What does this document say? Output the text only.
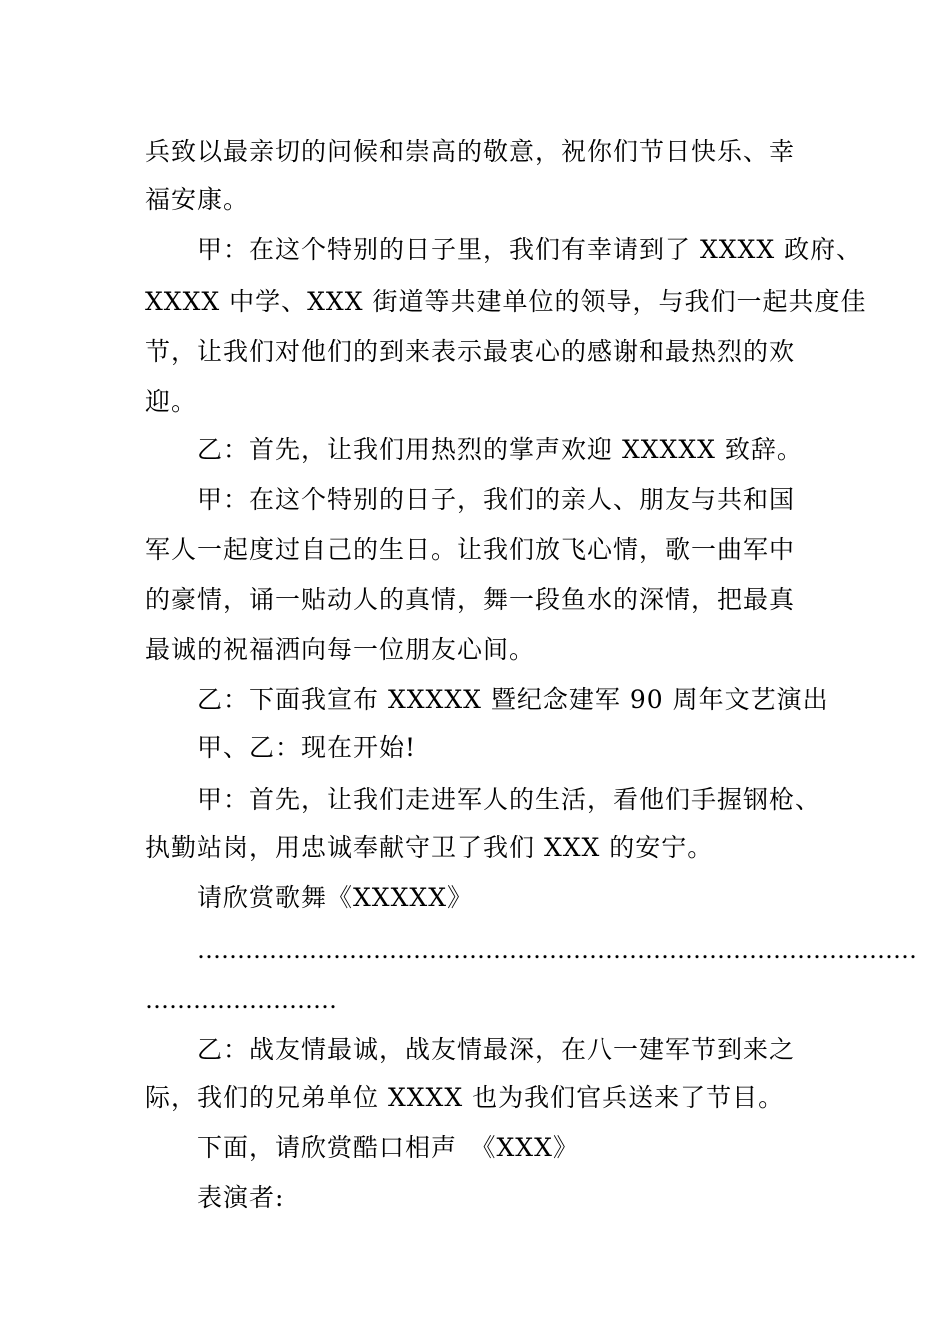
兵致以最亲切的问候和崇高的敬意，祝你们节日快乐、幸
福安康。
甲：在这个特别的日子里，我们有幸请到了 XXXX 政府、
XXXX 中学、XXX 街道等共建单位的领导，与我们一起共度佳
节，让我们对他们的到来表示最衷心的感谢和最热烈的欢
迎。
乙：首先，让我们用热烈的掌声欢迎 XXXXX 致辞。
甲：在这个特别的日子，我们的亲人、朋友与共和国
军人一起度过自己的生日。让我们放飞心情，歌一曲军中
的豪情，诵一贴动人的真情，舞一段鱼水的深情，把最真
最诚的祝福洒向每一位朋友心间。
乙：下面我宣布 XXXXX 暨纪念建军 90 周年文艺演出
甲、乙：现在开始!
甲：首先，让我们走进军人的生活，看他们手握钢枪、
执勤站岗，用忠诚奉献守卫了我们 XXX 的安宁。
请欣赏歌舞《XXXXX》
………………………………………………………………………………
……………………
乙：战友情最诚，战友情最深，在八一建军节到来之
际，我们的兄弟单位 XXXX 也为我们官兵送来了节目。
下面，请欣赏酷口相声　《XXX》
表演者:
